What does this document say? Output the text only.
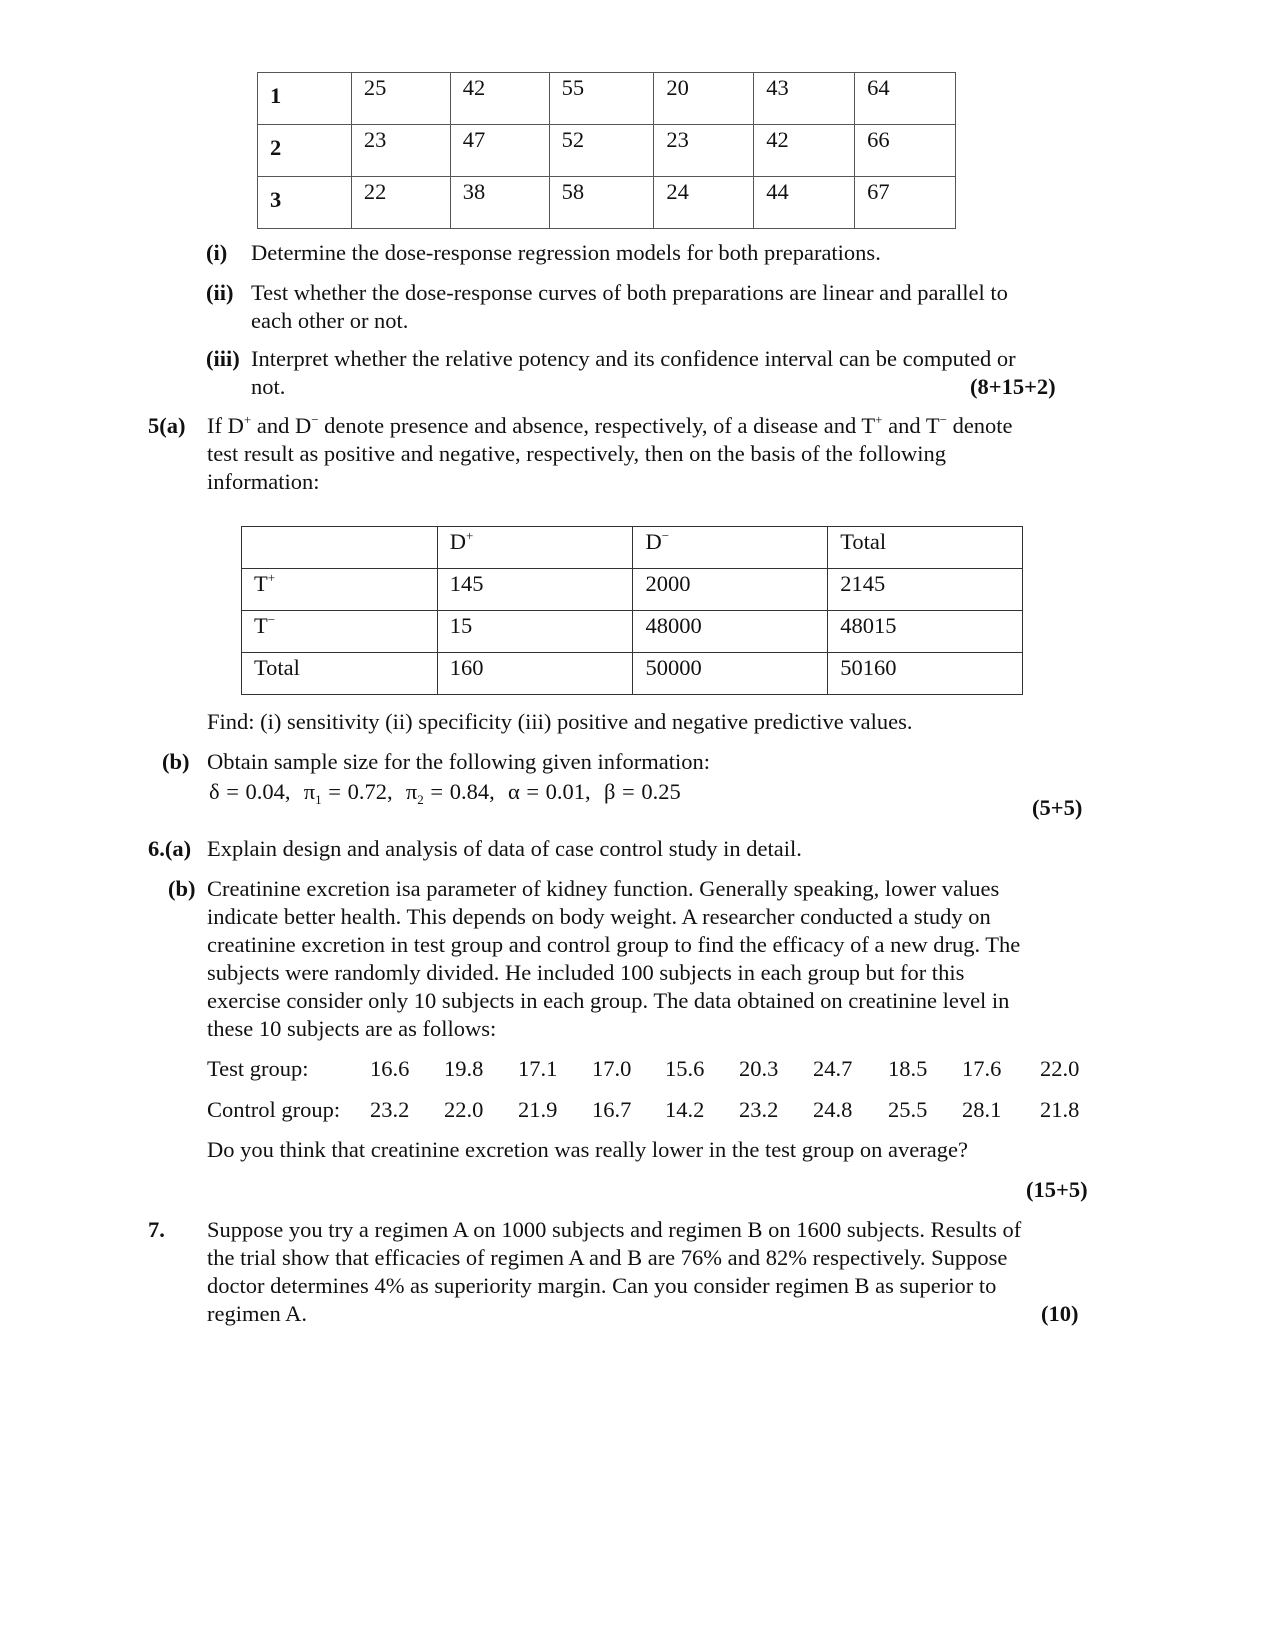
1	25	42	55	20	43	64
2	23	47	52	23	42	66
3	22	38	58	24	44	67
(i) Determine the dose-response regression models for both preparations.
(ii) Test whether the dose-response curves of both preparations are linear and parallel to
each other or not.
(iii) Interpret whether the relative potency and its confidence interval can be computed or
not.	(8+15+2)
5(a) If D+ and D− denote presence and absence, respectively, of a disease and T+ and T− denote
test result as positive and negative, respectively, then on the basis of the following
information:
	D+	D−	Total
T+	145	2000	2145
T−	15	48000	48015
Total	160	50000	50160
Find: (i) sensitivity (ii) specificity (iii) positive and negative predictive values.
(b) Obtain sample size for the following given information:
δ = 0.04, $\pi_1 = 0.72$, $\pi_2 = 0.84$, α = 0.01, β = 0.25
(5+5)
6.(a) Explain design and analysis of data of case control study in detail.
(b) Creatinine excretion isa parameter of kidney function. Generally speaking, lower values
indicate better health. This depends on body weight. A researcher conducted a study on
creatinine excretion in test group and control group to find the efficacy of a new drug. The
subjects were randomly divided. He included 100 subjects in each group but for this
exercise consider only 10 subjects in each group. The data obtained on creatinine level in
these 10 subjects are as follows:
Test group:	16.6 19.8 17.1 17.0 15.6 20.3 24.7 18.5 17.6 22.0
Control group: 23.2 22.0 21.9 16.7 14.2 23.2 24.8 25.5 28.1 21.8
Do you think that creatinine excretion was really lower in the test group on average?
(15+5)
7. Suppose you try a regimen A on 1000 subjects and regimen B on 1600 subjects. Results of
the trial show that efficacies of regimen A and B are 76% and 82% respectively. Suppose
doctor determines 4% as superiority margin. Can you consider regimen B as superior to
regimen A.	(10)
